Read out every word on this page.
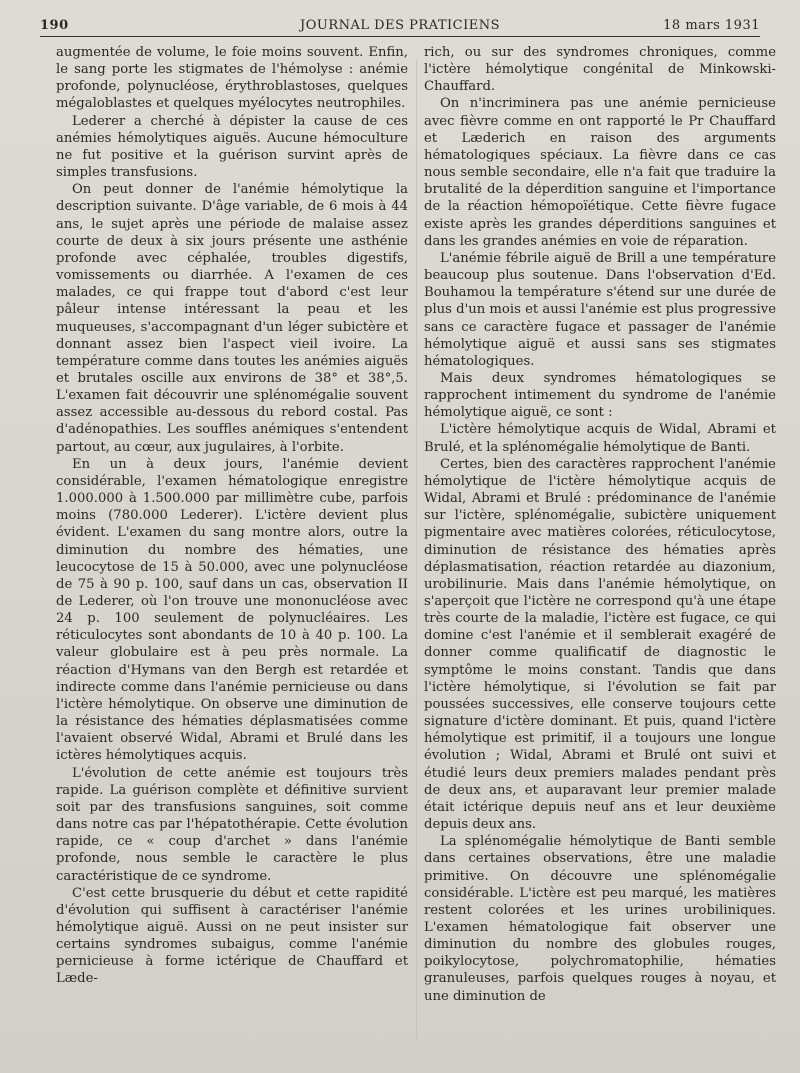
190	JOURNAL DES PRATICIENS	18 mars 1931

augmentée de volume, le foie moins souvent. Enfin, le sang porte les stigmates de l'hémolyse : anémie profonde, polynucléose, érythroblastoses, quelques mégaloblastes et quelques myélocytes neutrophiles.

Lederer a cherché à dépister la cause de ces anémies hémolytiques aiguës. Aucune hémoculture ne fut positive et la guérison survint après de simples transfusions.

On peut donner de l'anémie hémolytique la description suivante. D'âge variable, de 6 mois à 44 ans, le sujet après une période de malaise assez courte de deux à six jours présente une asthénie profonde avec céphalée, troubles digestifs, vomissements ou diarrhée. A l'examen de ces malades, ce qui frappe tout d'abord c'est leur pâleur intense intéressant la peau et les muqueuses, s'accompagnant d'un léger subictère et donnant assez bien l'aspect vieil ivoire. La température comme dans toutes les anémies aiguës et brutales oscille aux environs de 38° et 38°,5. L'examen fait découvrir une splénomégalie souvent assez accessible au-dessous du rebord costal. Pas d'adénopathies. Les souffles anémiques s'entendent partout, au cœur, aux jugulaires, à l'orbite.

En un à deux jours, l'anémie devient considérable, l'examen hématologique enregistre 1.000.000 à 1.500.000 par millimètre cube, parfois moins (780.000 Lederer). L'ictère devient plus évident. L'examen du sang montre alors, outre la diminution du nombre des hématies, une leucocytose de 15 à 50.000, avec une polynucléose de 75 à 90 p. 100, sauf dans un cas, observation II de Lederer, où l'on trouve une mononucléose avec 24 p. 100 seulement de polynucléaires. Les réticulocytes sont abondants de 10 à 40 p. 100. La valeur globulaire est à peu près normale. La réaction d'Hymans van den Bergh est retardée et indirecte comme dans l'anémie pernicieuse ou dans l'ictère hémolytique. On observe une diminution de la résistance des hématies déplasmatisées comme l'avaient observé Widal, Abrami et Brulé dans les ictères hémolytiques acquis.

L'évolution de cette anémie est toujours très rapide. La guérison complète et définitive survient soit par des transfusions sanguines, soit comme dans notre cas par l'hépatothérapie. Cette évolution rapide, ce « coup d'archet » dans l'anémie profonde, nous semble le caractère le plus caractéristique de ce syndrome.

C'est cette brusquerie du début et cette rapidité d'évolution qui suffisent à caractériser l'anémie hémolytique aiguë. Aussi on ne peut insister sur certains syndromes subaigus, comme l'anémie pernicieuse à forme ictérique de Chauffard et Læde-

rich, ou sur des syndromes chroniques, comme l'ictère hémolytique congénital de Minkowski-Chauffard.

On n'incriminera pas une anémie pernicieuse avec fièvre comme en ont rapporté le Pr Chauffard et Læderich en raison des arguments hématologiques spéciaux. La fièvre dans ce cas nous semble secondaire, elle n'a fait que traduire la brutalité de la déperdition sanguine et l'importance de la réaction hémopoïétique. Cette fièvre fugace existe après les grandes déperditions sanguines et dans les grandes anémies en voie de réparation.

L'anémie fébrile aiguë de Brill a une température beaucoup plus soutenue. Dans l'observation d'Ed. Bouhamou la température s'étend sur une durée de plus d'un mois et aussi l'anémie est plus progressive sans ce caractère fugace et passager de l'anémie hémolytique aiguë et aussi sans ses stigmates hématologiques.

Mais deux syndromes hématologiques se rapprochent intimement du syndrome de l'anémie hémolytique aiguë, ce sont :

L'ictère hémolytique acquis de Widal, Abrami et Brulé, et la splénomégalie hémolytique de Banti.

Certes, bien des caractères rapprochent l'anémie hémolytique de l'ictère hémolytique acquis de Widal, Abrami et Brulé : prédominance de l'anémie sur l'ictère, splénomégalie, subictère uniquement pigmentaire avec matières colorées, réticulocytose, diminution de résistance des hématies après déplasmatisation, réaction retardée au diazonium, urobilinurie. Mais dans l'anémie hémolytique, on s'aperçoit que l'ictère ne correspond qu'à une étape très courte de la maladie, l'ictère est fugace, ce qui domine c'est l'anémie et il semblerait exagéré de donner comme qualificatif de diagnostic le symptôme le moins constant. Tandis que dans l'ictère hémolytique, si l'évolution se fait par poussées successives, elle conserve toujours cette signature d'ictère dominant. Et puis, quand l'ictère hémolytique est primitif, il a toujours une longue évolution ; Widal, Abrami et Brulé ont suivi et étudié leurs deux premiers malades pendant près de deux ans, et auparavant leur premier malade était ictérique depuis neuf ans et leur deuxième depuis deux ans.

La splénomégalie hémolytique de Banti semble dans certaines observations, être une maladie primitive. On découvre une splénomégalie considérable. L'ictère est peu marqué, les matières restent colorées et les urines urobiliniques. L'examen hématologique fait observer une diminution du nombre des globules rouges, poikylocytose, polychromatophilie, hématies granuleuses, parfois quelques rouges à noyau, et une diminution de
